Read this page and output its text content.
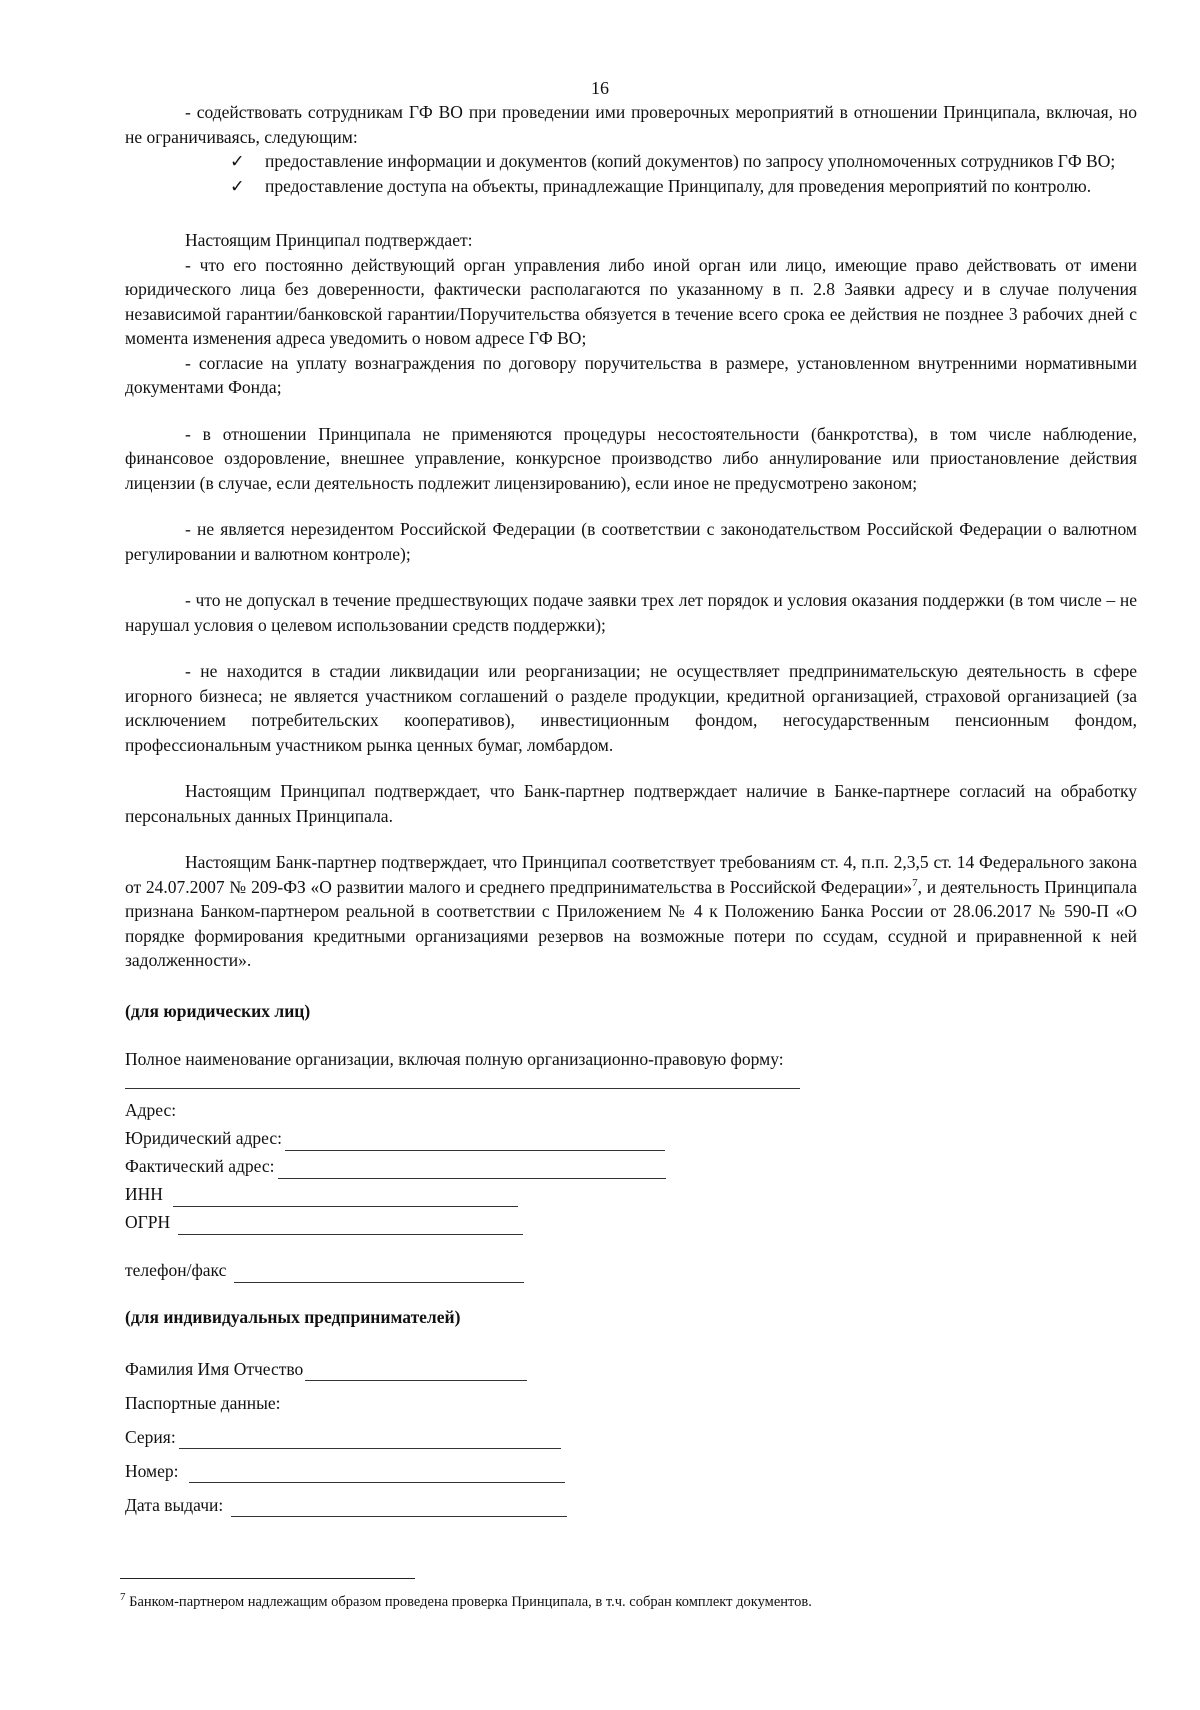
16

- содействовать сотрудникам ГФ ВО при проведении ими проверочных мероприятий в отношении Принципала, включая, но не ограничиваясь, следующим:

✓ предоставление информации и документов (копий документов) по запросу уполномоченных сотрудников ГФ ВО;

✓ предоставление доступа на объекты, принадлежащие Принципалу, для проведения мероприятий по контролю.

Настоящим Принципал подтверждает:

- что его постоянно действующий орган управления либо иной орган или лицо, имеющие право действовать от имени юридического лица без доверенности, фактически располагаются по указанному в п. 2.8 Заявки адресу и в случае получения независимой гарантии/банковской гарантии/Поручительства обязуется в течение всего срока ее действия не позднее 3 рабочих дней с момента изменения адреса уведомить о новом адресе ГФ ВО;

- согласие на уплату вознаграждения по договору поручительства в размере, установленном внутренними нормативными документами Фонда;

- в отношении Принципала не применяются процедуры несостоятельности (банкротства), в том числе наблюдение, финансовое оздоровление, внешнее управление, конкурсное производство либо аннулирование или приостановление действия лицензии (в случае, если деятельность подлежит лицензированию), если иное не предусмотрено законом;

- не является нерезидентом Российской Федерации (в соответствии с законодательством Российской Федерации о валютном регулировании и валютном контроле);

- что не допускал в течение предшествующих подаче заявки трех лет порядок и условия оказания поддержки (в том числе – не нарушал условия о целевом использовании средств поддержки);

- не находится в стадии ликвидации или реорганизации; не осуществляет предпринимательскую деятельность в сфере игорного бизнеса; не является участником соглашений о разделе продукции, кредитной организацией, страховой организацией (за исключением потребительских кооперативов), инвестиционным фондом, негосударственным пенсионным фондом, профессиональным участником рынка ценных бумаг, ломбардом.

Настоящим Принципал подтверждает, что Банк-партнер подтверждает наличие в Банке-партнере согласий на обработку персональных данных Принципала.

Настоящим Банк-партнер подтверждает, что Принципал соответствует требованиям ст. 4, п.п. 2,3,5 ст. 14 Федерального закона от 24.07.2007 № 209-ФЗ «О развитии малого и среднего предпринимательства в Российской Федерации»$^7$, и деятельность Принципала признана Банком-партнером реальной в соответствии с Приложением № 4 к Положению Банка России от 28.06.2017 № 590-П «О порядке формирования кредитными организациями резервов на возможные потери по ссудам, ссудной и приравненной к ней задолженности».

(для юридических лиц)

Полное наименование организации, включая полную организационно-правовую форму:

Адрес:
Юридический адрес:
Фактический адрес:
ИНН
ОГРН
телефон/факс

(для индивидуальных предпринимателей)

Фамилия Имя Отчество
Паспортные данные:
Серия:
Номер:
Дата выдачи:
$^7$ Банком-партнером надлежащим образом проведена проверка Принципала, в т.ч. собран комплект документов.
